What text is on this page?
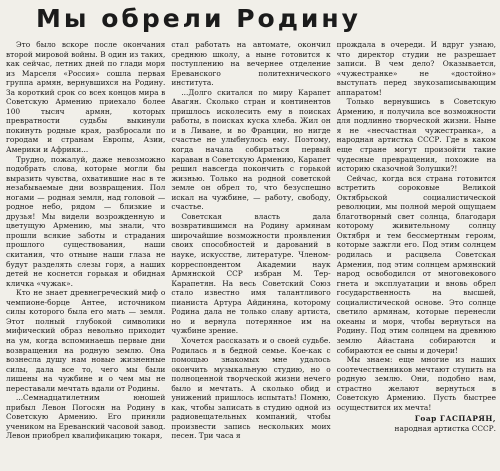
Мы обрели Родину

Это было вскоре после окончания второй мировой войны. В один из таких, как сейчас, летних дней по глади моря из Марселя «Россия» сошла первая группа армян, вернувшихся на Родину. За короткий срок со всех концов мира в Советскую Армению приехало более 100 тысяч армян, которых превратности судьбы выкинули покинуть родные края, разбросали по городам и странам Европы, Азии, Америки и Африки...

Трудно, пожалуй, даже невозможно подобрать слова, которые могли бы выразить чувства, охватившие нас в те незабываемые дни возвращения. Пол ногами — родная земля, над головой — родное небо, рядом — близкие и друзья! Мы видели возрожденную и цветущую Армению, мы знали, что прошли всякие заботы и страдания прошлого существования, наши скитания, что отныне наши глаза не будут разделять слезы горя, а наших детей не коснется горькая и обидная кличка «чужак».

Кто не знает древнегреческий миф о чемпионе-борце Антее, источником силы которого была его мать — земля. Этот полный глубокой символики мифический образ невольно приходит на ум, когда вспоминаешь первые дни возвращения на родную землю. Она вознесла душу нам новые жизненные силы, дала все то, чего мы были лишены на чужбине и о чем мы не переставали мечтать вдали от Родины.

...Семнадцатилетним юношей прибыл Левон Погосян на Родину в Советскую Армению. Его приняли учеником на Ереванский часовой завод. Левон приобрел квалификацию токаря,

стал работать на автомате, окончил среднюю школу, а ныне готовится к поступлению на вечернее отделение Ереванского политехнического института.

...Долго скитался по миру Карапет Авагян. Сколько стран и континентов пришлось исколесить ему в поисках работы, в поисках куска хлеба. Жил он и в Ливане, и во Франции, но нигде счастье не улыбнулось ему. Поэтому, когда начала собираться первый караван в Советскую Армению, Карапет решил навсегда покончить с горькой жизнью. Только на родной советской земле он обрел то, что безуспешно искал на чужбине, — работу, свободу, счастье.

Советская власть дала возвратившимся на Родину армянам широчайшие возможности проявления своих способностей и дарований в науке, искусстве, литературе. Членом-корреспондентом Академии наук Армянской ССР избран М. Тер-Карапетян. На весь Советский Союз стало известно имя талантливого пианиста Артура Айдиняна, которому Родина дала не только славу артиста, но и вернула потерянное им на чужбине зрение.

Хочется рассказать и о своей судьбе. Родилась я в бедной семье. Кое-как с помощью знакомых мне удалось окончить музыкальную студию, но о полноценной творческой жизни нечего было и мечтать. А сколько обид и унижений пришлось испытать! Помню, как, чтобы записать в студию одной из радиовещательных компаний, чтобы произвести запись нескольких моих песен. Три часа я

прождала в очереди. И вдруг узнаю, что директор студии не разрешает записи. В чем дело? Оказывается, «чужестранке» не «достойно» выступать перед звукозаписывающим аппаратом!

Только вернувшись в Советскую Армению, я получила все возможности для подлинно творческой жизни. Ныне я не «несчастная чужестранка», а народная артистка СССР. Где в каком еще стране могут произойти такие чудесные превращения, похожие на историю сказочной Золушки?!

Сейчас, когда вся страна готовится встретить сороковые Великой Октябрьской социалистической революции, мы полной мерой ощущаем благотворный свет солнца, благодаря которому живительному солнцу Октября и тем бессмертным героям, которые зажгли его. Под этим солнцем родилась и расцвела Советская Армения, под этим солнцем армянский народ освободился от многовекового гнета и эксплуатации и вновь обрел государственность на высшей, социалистической основе. Это солнце светило армянам, которые перенесли океаны и моря, чтобы вернуться на Родину. Под этим солнцем на древнюю землю Айастана собираются и собираются ее сыны и дочери!

Мы знаем: еще многие из наших соотечественников мечтают ступить на родную землю. Они, подобно нам, страстно желают вернуться в Советскую Армению. Пусть быстрее осуществится их мечта!

Гоар ГАСПАРЯН,
народная артистка СССР.
